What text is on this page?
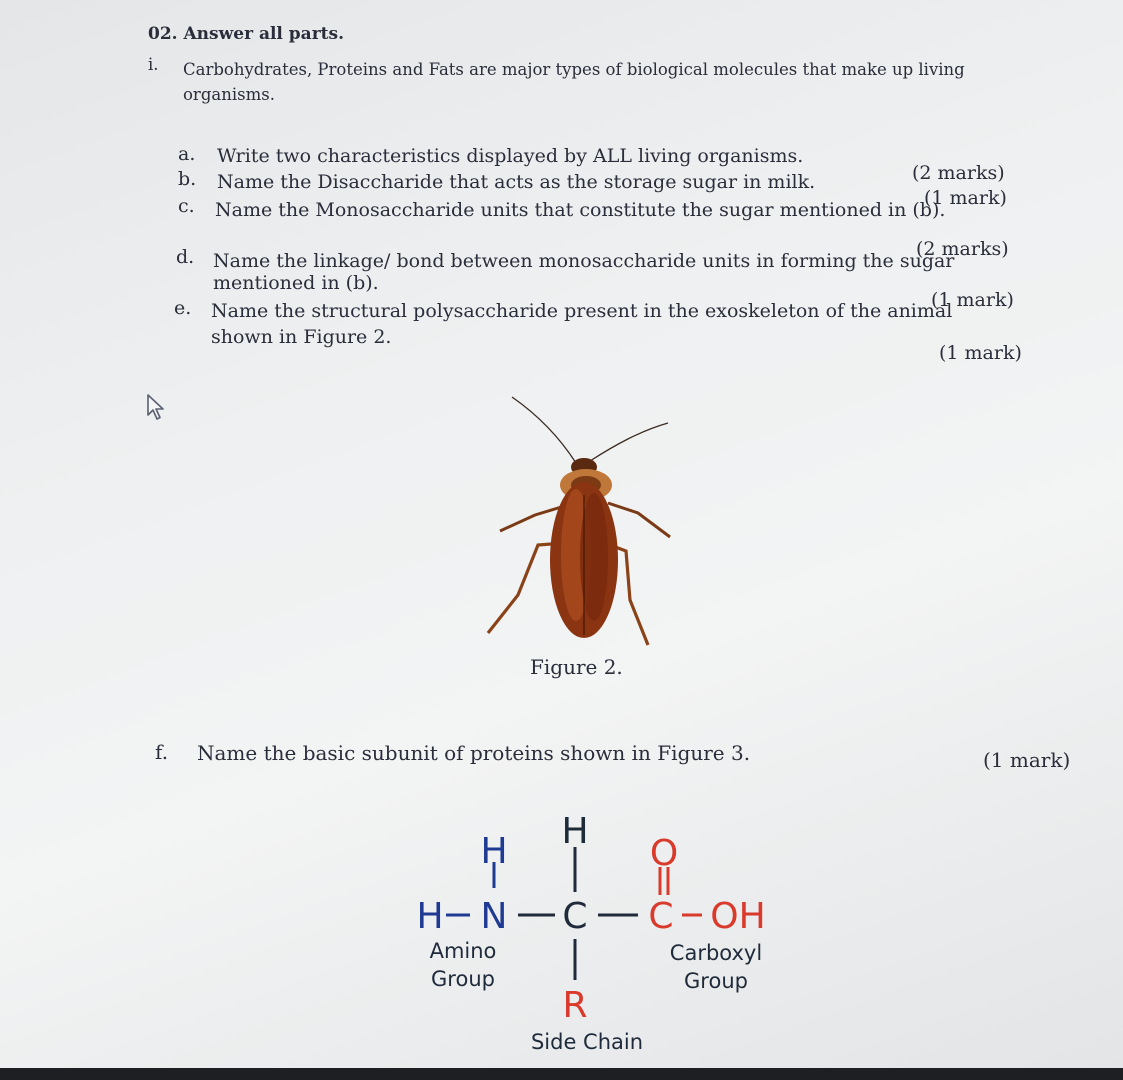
02. Answer all parts.
i. Carbohydrates, Proteins and Fats are major types of biological molecules that make up living
organisms.
a. Write two characteristics displayed by ALL living organisms.
(2 marks)
b. Name the Disaccharide that acts as the storage sugar in milk.
(1 mark)
c. Name the Monosaccharide units that constitute the sugar mentioned in (b).
(2 marks)
d. Name the linkage/ bond between monosaccharide units in forming the sugar
mentioned in (b).
(1 mark)
e. Name the structural polysaccharide present in the exoskeleton of the animal
shown in Figure 2.
(1 mark)
Figure 2.
f. Name the basic subunit of proteins shown in Figure 3.	(1 mark)
H H
O
H N C C OH
R
Amino
Group
Carboxyl
Group
Side Chain
